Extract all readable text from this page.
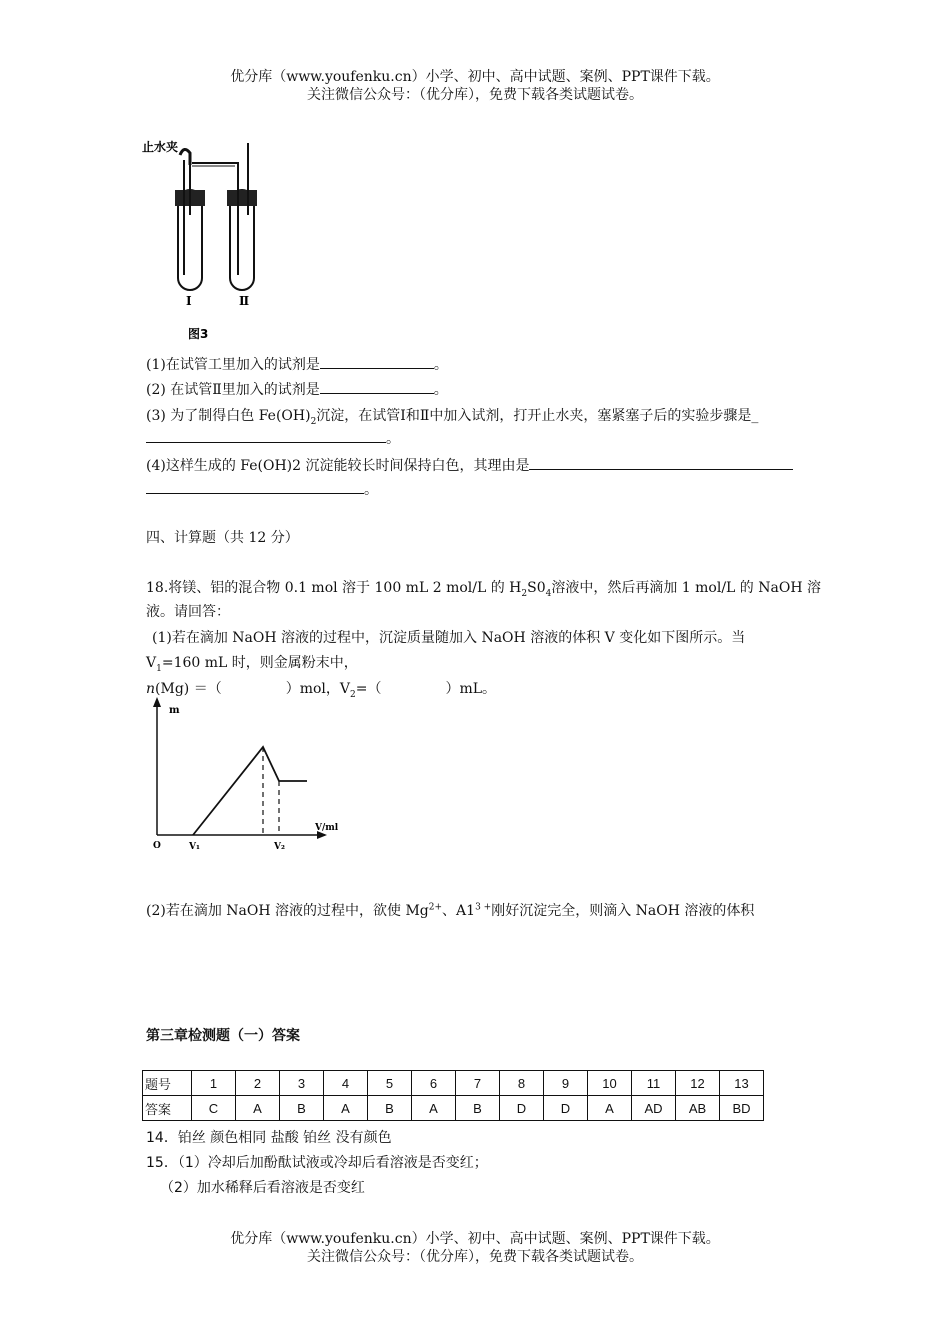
优分库（www.youfenku.cn）小学、初中、高中试题、案例、PPT课件下载。
关注微信公众号：（优分库），免费下载各类试题试卷。
止水夹
Ⅰ	Ⅱ
图3
(1)在试管工里加入的试剂是	。
(2) 在试管Ⅱ里加入的试剂是	。
(3) 为了制得白色 $Fe(OH)_2$沉淀，在试管Ⅰ和Ⅱ中加入试剂，打开止水夹，塞紧塞子后的实验步骤是_
。
(4)这样生成的 Fe(OH)2 沉淀能较长时间保持白色，其理由是
。
四、计算题（共 12 分）
18.将镁、铝的混合物 0.1 mol 溶于 100 mL 2 mol/L 的 $H_2S0_4$溶液中，然后再滴加 1 mol/L 的 NaOH 溶
液。请回答：
(1)若在滴加 NaOH 溶液的过程中，沉淀质量随加入 NaOH 溶液的体积 V 变化如下图所示。当
$V_1=160$ mL 时，则金属粉末中，
n(Mg) ＝（	）mol，$V_2=$（	）mL。
m
V/ml
O	V₁	V₂
(2)若在滴加 NaOH 溶液的过程中，欲使 $Mg^{2+}$、$A1^{3 +}$刚好沉淀完全，则滴入 NaOH 溶液的体积
第三章检测题（一）答案
题号	1	2	3	4	5	6	7	8	9	10	11	12	13
答案	C	A	B	A	B	A	B	D	D	A	AD	AB	BD
14．铂丝 颜色相同 盐酸 铂丝 没有颜色
15．（1）冷却后加酚酞试液或冷却后看溶液是否变红；
（2）加水稀释后看溶液是否变红
优分库（www.youfenku.cn）小学、初中、高中试题、案例、PPT课件下载。
关注微信公众号：（优分库），免费下载各类试题试卷。
